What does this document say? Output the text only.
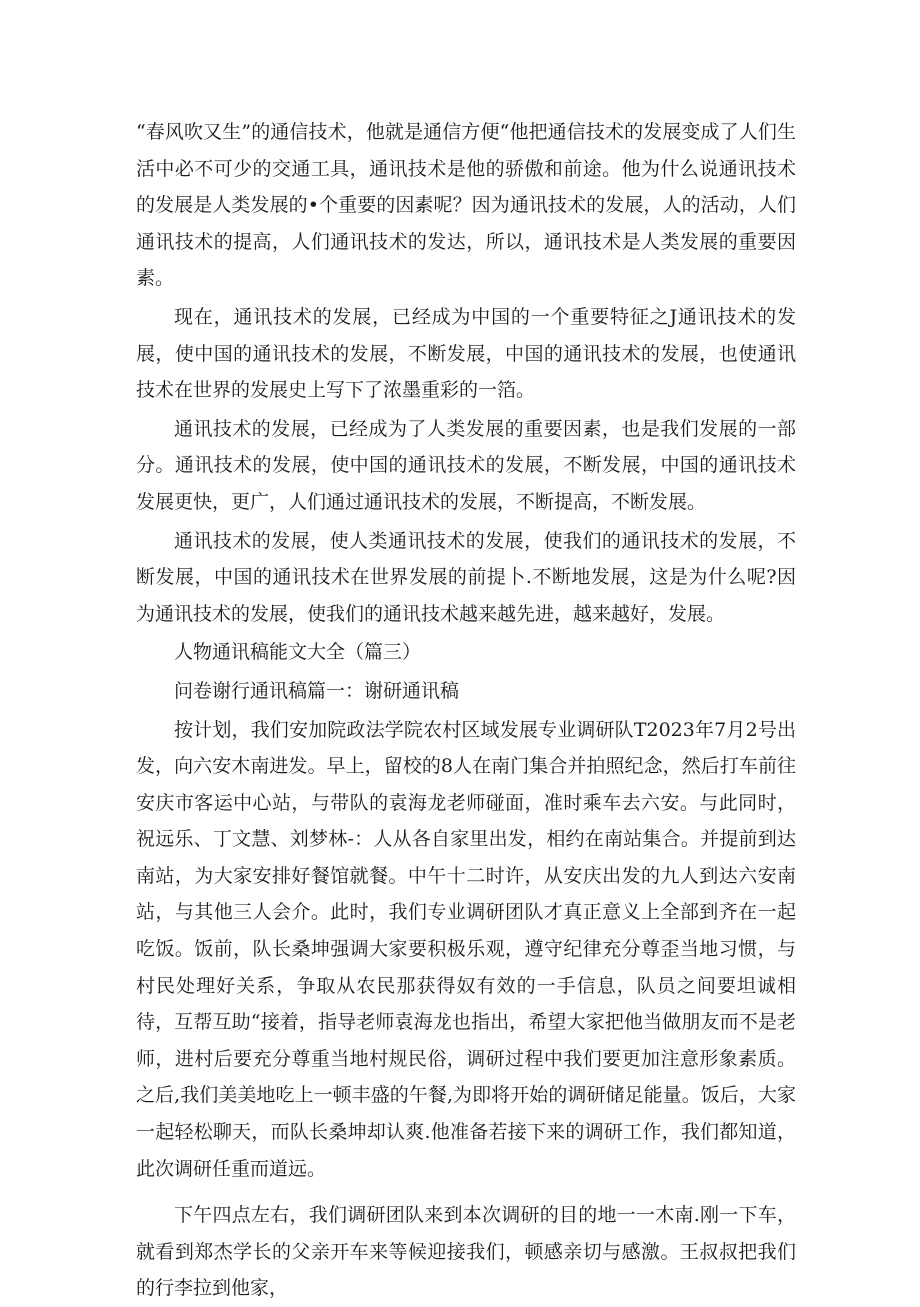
“春风吹又生”的通信技术，他就是通信方便“他把通信技术的发展变成了人们生活中必不可少的交通工具，通讯技术是他的骄傲和前途。他为什么说通讯技术的发展是人类发展的•个重要的因素呢？因为通讯技术的发展，人的活动，人们通讯技术的提高，人们通讯技术的发达，所以，通讯技术是人类发展的重要因素。

现在，通讯技术的发展，已经成为中国的一个重要特征之J通讯技术的发展，使中国的通讯技术的发展，不断发展，中国的通讯技术的发展，也使通讯技术在世界的发展史上写下了浓墨重彩的一箔。

通讯技术的发展，已经成为了人类发展的重要因素，也是我们发展的一部分。通讯技术的发展，使中国的通讯技术的发展，不断发展，中国的通讯技术发展更快，更广，人们通过通讯技术的发展，不断提高，不断发展。

通讯技术的发展，使人类通讯技术的发展，使我们的通讯技术的发展，不断发展，中国的通讯技术在世界发展的前提卜.不断地发展，这是为什么呢?因为通讯技术的发展，使我们的通讯技术越来越先进，越来越好，发展。

人物通讯稿能文大全（篇三）

问卷谢行通讯稿篇一：谢研通讯稿

按计划，我们安加院政法学院农村区域发展专业调研队T2023年7月2号出发，向六安木南进发。早上，留校的8人在南门集合并拍照纪念，然后打车前往安庆市客运中心站，与带队的袁海龙老师碰面，准时乘车去六安。与此同时，祝远乐、丁文慧、刘梦林-：人从各自家里出发，相约在南站集合。并提前到达南站，为大家安排好餐馆就餐。中午十二时许，从安庆出发的九人到达六安南站，与其他三人会介。此时，我们专业调研团队才真正意义上全部到齐在一起吃饭。饭前，队长桑坤强调大家要积极乐观，遵守纪律充分尊歪当地习惯，与村民处理好关系，争取从农民那获得奴有效的一手信息，队员之间要坦诚相待，互帮互助“接着，指导老师袁海龙也指出，希望大家把他当做朋友而不是老师，进村后要充分尊重当地村规民俗，调研过程中我们要更加注意形象素质。之后,我们美美地吃上一顿丰盛的午餐,为即将开始的调研储足能量。饭后，大家一起轻松聊天，而队长桑坤却认爽.他准备若接下来的调研工作，我们都知道，此次调研任重而道远。

下午四点左右，我们调研团队来到本次调研的目的地一一木南.刚一下车，就看到郑杰学长的父亲开车来等候迎接我们，顿感亲切与感激。王叔叔把我们的行李拉到他家，
